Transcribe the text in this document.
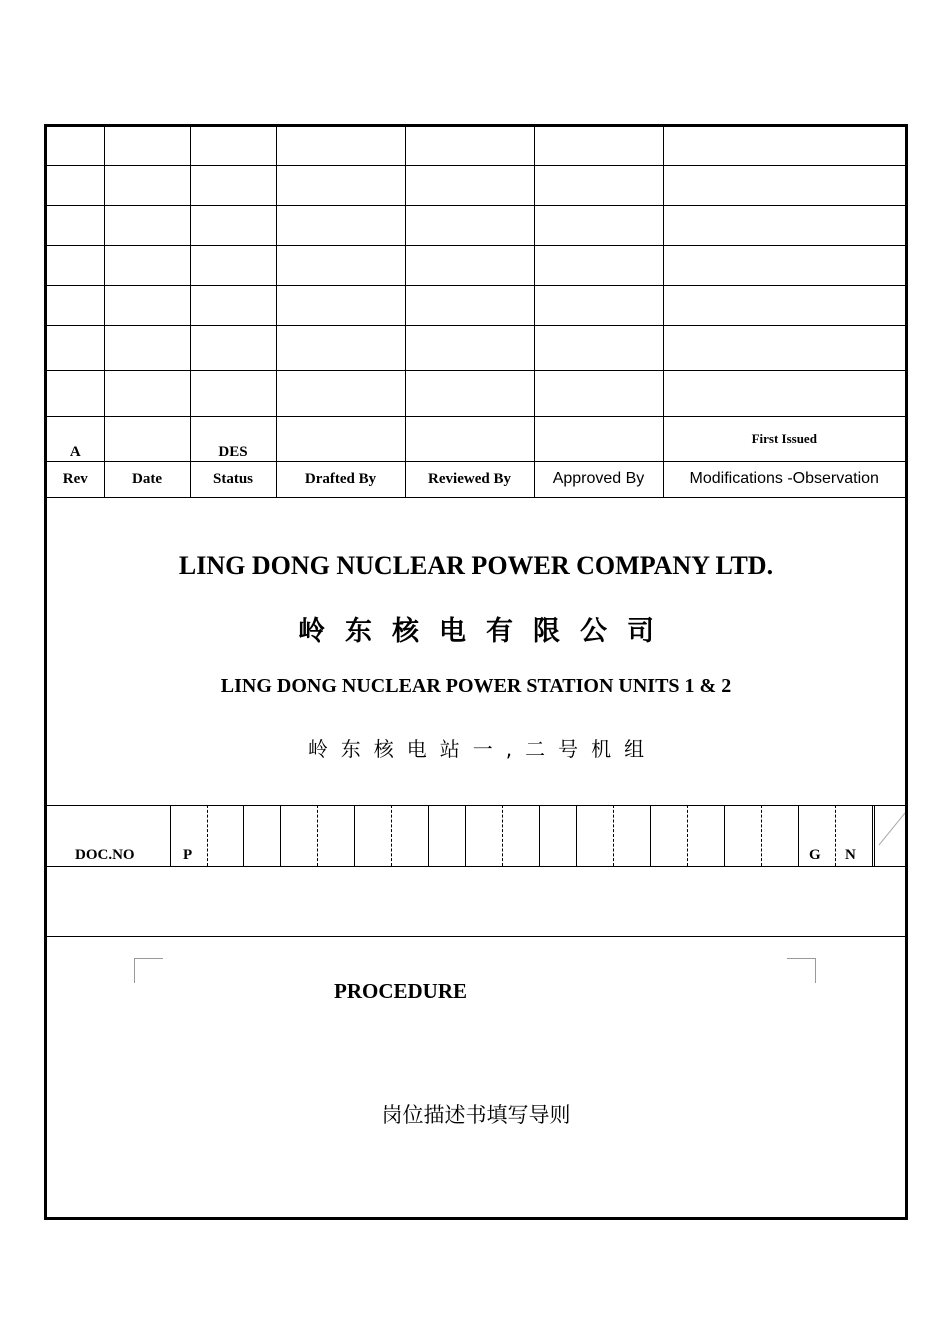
A		DES				First Issued
Rev	Date	Status	Drafted By	Reviewed By	Approved By	Modifications -Observation
LING DONG NUCLEAR POWER COMPANY LTD.
岭东核电有限公司
LING DONG NUCLEAR POWER STATION UNITS 1 & 2
岭东核电站一,二号机组
DOC.NO	P	G N
PROCEDURE
岗位描述书填写导则
